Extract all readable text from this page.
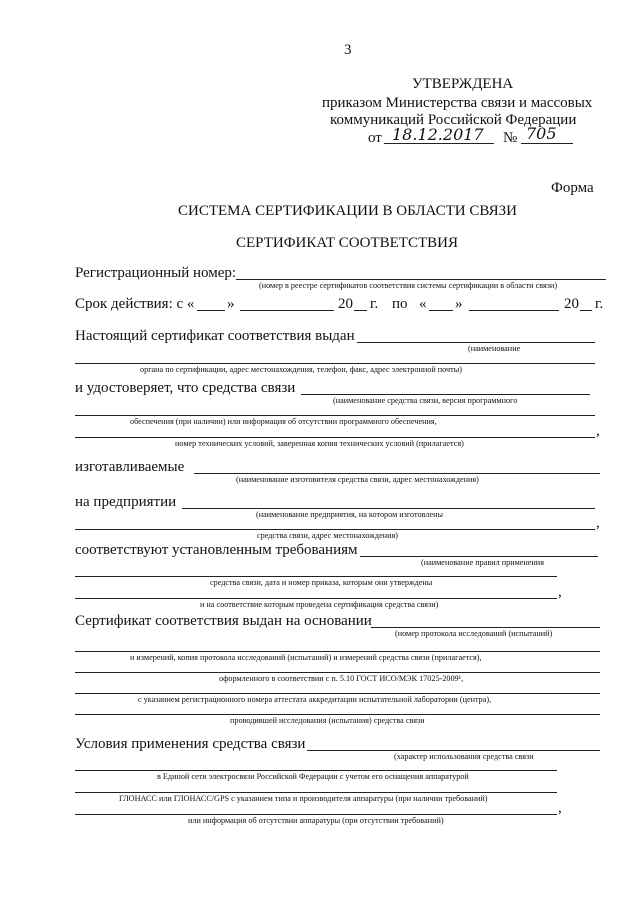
3
УТВЕРЖДЕНА
приказом Министерства связи и массовых
коммуникаций Российской Федерации
от 18.12.2017 № 705
Форма
СИСТЕМА СЕРТИФИКАЦИИ В ОБЛАСТИ СВЯЗИ
СЕРТИФИКАТ СООТВЕТСТВИЯ
Регистрационный номер:
(номер в реестре сертификатов соответствия системы сертификации в области связи)
Срок действия: с « »	20 г. по « »	20 г.
Настоящий сертификат соответствия выдан
(наименование
органа по сертификации, адрес местонахождения, телефон, факс, адрес электронной почты)
и удостоверяет, что средства связи
(наименование средства связи, версия программного
обеспечения (при наличии) или информация об отсутствии программного обеспечения,
,
номер технических условий, заверенная копия технических условий (прилагается)
изготавливаемые
(наименование изготовителя средства связи, адрес местонахождения)
на предприятии
(наименование предприятия, на котором изготовлены
,
средства связи, адрес местонахождения)
соответствуют установленным требованиям
(наименование правил применения
средства связи, дата и номер приказа, которым они утверждены
,
и на соответствие которым проведена сертификация средства связи)
Сертификат соответствия выдан на основании
(номер протокола исследований (испытаний)
и измерений, копия протокола исследований (испытаний) и измерений средства связи (прилагается),
оформленного в соответствии с п. 5.10 ГОСТ ИСО/МЭК 17025-2009¹,
с указанием регистрационного номера аттестата аккредитации испытательной лаборатории (центра),
проводившей исследования (испытания) средства связи
Условия применения средства связи
(характер использования средства связи
в Единой сети электросвязи Российской Федерации с учетом его оснащения аппаратурой
ГЛОНАСС или ГЛОНАСС/GPS с указанием типа и производителя аппаратуры (при наличии требований)
,
или информация об отсутствии аппаратуры (при отсутствии требований)
